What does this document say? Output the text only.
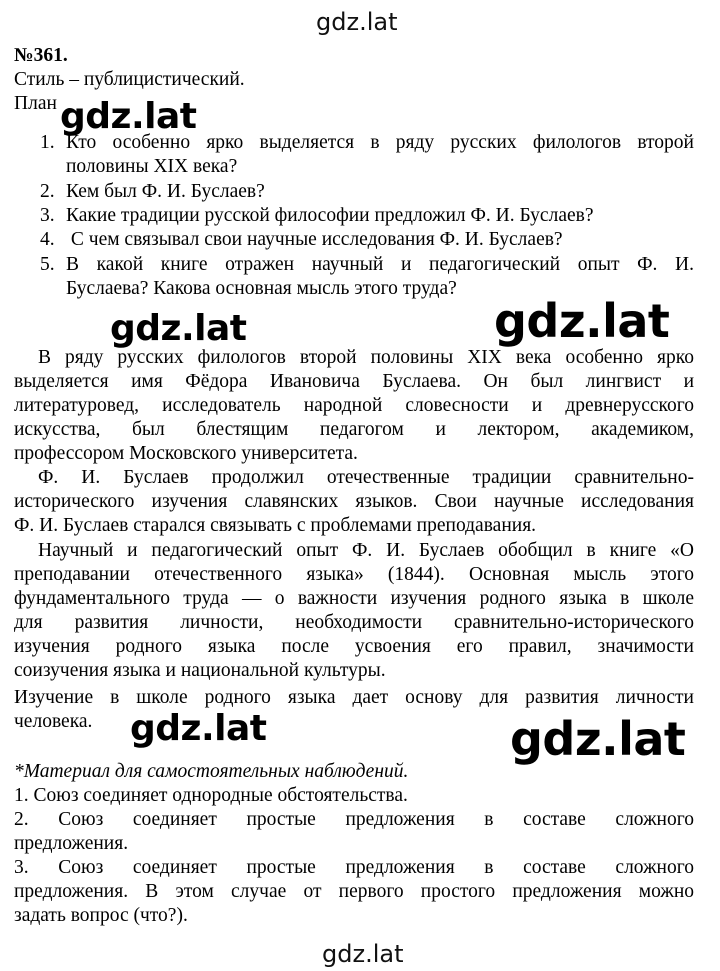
gdz.lat
gdz.lat
gdz.lat	gdz.lat
gdz.lat	gdz.lat
gdz.lat
№361.
Стиль – публицистический.
План
1. Кто особенно ярко выделяется в ряду русских филологов второй
половины XIX века?
2. Кем был Ф. И. Буслаев?
3. Какие традиции русской философии предложил Ф. И. Буслаев?
4. С чем связывал свои научные исследования Ф. И. Буслаев?
5. В какой книге отражен научный и педагогический опыт Ф. И.
Буслаева? Какова основная мысль этого труда?
В ряду русских филологов второй половины XIX века особенно ярко
выделяется имя Фёдора Ивановича Буслаева. Он был лингвист и
литературовед, исследователь народной словесности и древнерусского
искусства, был блестящим педагогом и лектором, академиком,
профессором Московского университета.
Ф. И. Буслаев продолжил отечественные традиции сравнительно-
исторического изучения славянских языков. Свои научные исследования
Ф. И. Буслаев старался связывать с проблемами преподавания.
Научный и педагогический опыт Ф. И. Буслаев обобщил в книге «О
преподавании отечественного языка» (1844). Основная мысль этого
фундаментального труда — о важности изучения родного языка в школе
для развития личности, необходимости сравнительно-исторического
изучения родного языка после усвоения его правил, значимости
соизучения языка и национальной культуры.
Изучение в школе родного языка дает основу для развития личности
человека.
*Материал для самостоятельных наблюдений.
1. Союз соединяет однородные обстоятельства.
2. Союз соединяет простые предложения в составе сложного
предложения.
3. Союз соединяет простые предложения в составе сложного
предложения. В этом случае от первого простого предложения можно
задать вопрос (что?).
